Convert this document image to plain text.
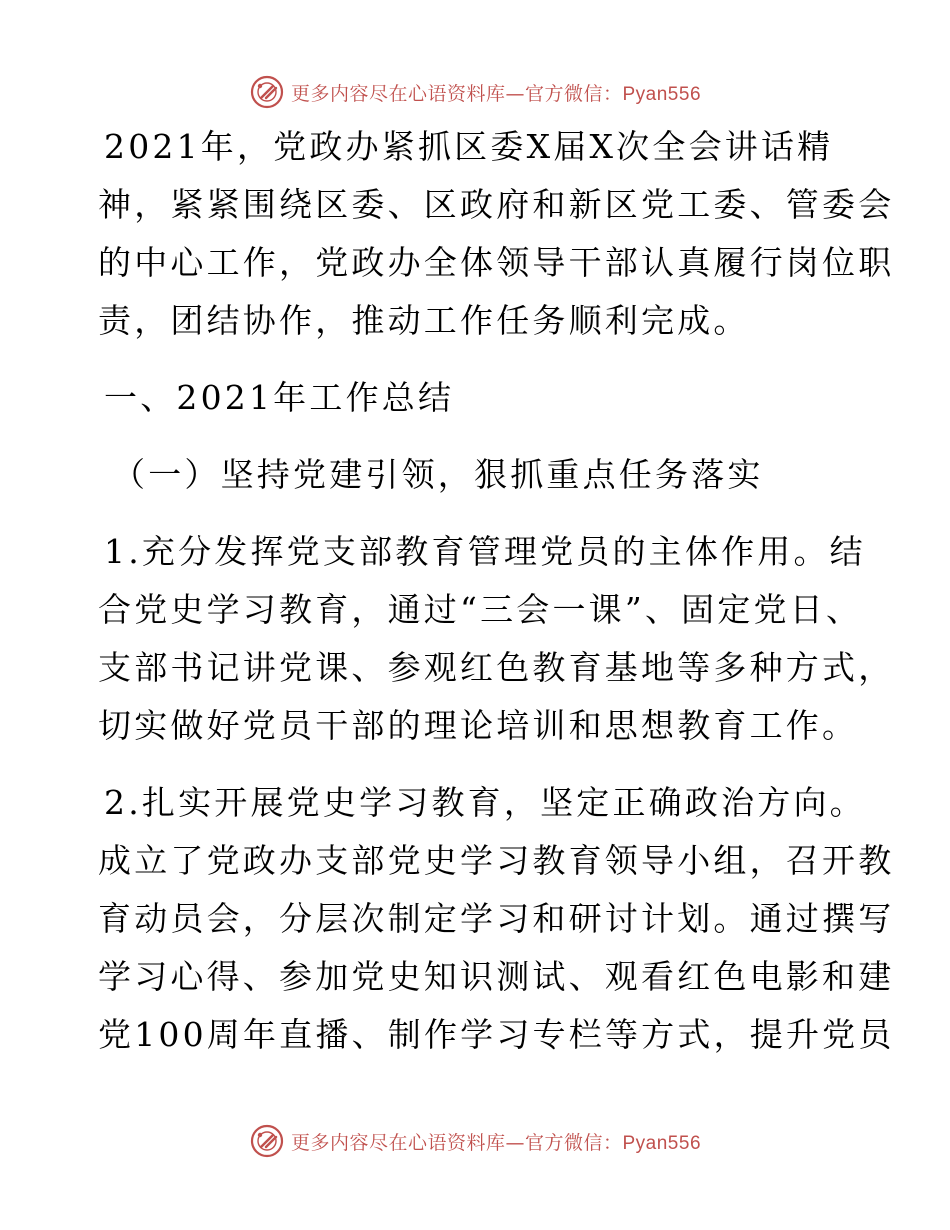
更多内容尽在心语资料库—官方微信：Pyan556
2021年，党政办紧抓区委X届X次全会讲话精
神，紧紧围绕区委、区政府和新区党工委、管委会
的中心工作，党政办全体领导干部认真履行岗位职
责，团结协作，推动工作任务顺利完成。
一、2021年工作总结
（一）坚持党建引领，狠抓重点任务落实
1.充分发挥党支部教育管理党员的主体作用。结
合党史学习教育，通过“三会一课”、固定党日、
支部书记讲党课、参观红色教育基地等多种方式，
切实做好党员干部的理论培训和思想教育工作。
2.扎实开展党史学习教育，坚定正确政治方向。
成立了党政办支部党史学习教育领导小组，召开教
育动员会，分层次制定学习和研讨计划。通过撰写
学习心得、参加党史知识测试、观看红色电影和建
党100周年直播、制作学习专栏等方式，提升党员
更多内容尽在心语资料库—官方微信：Pyan556
